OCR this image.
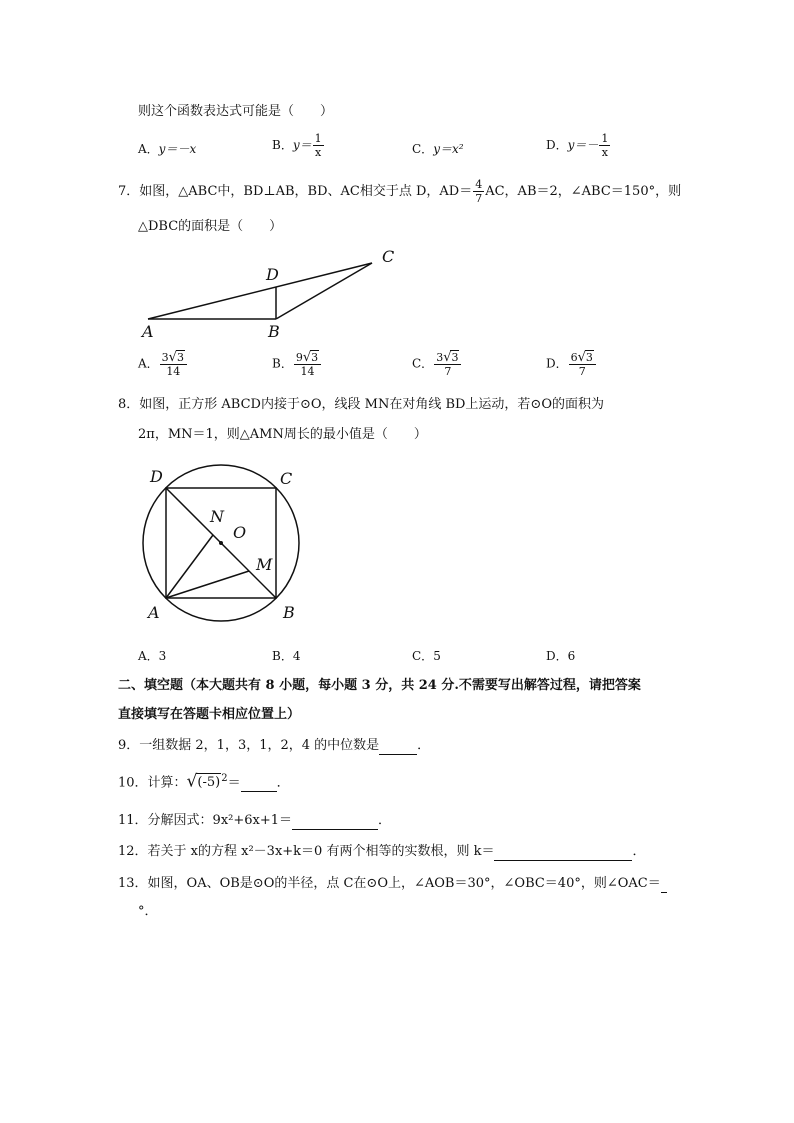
则这个函数表达式可能是（　　）
A．y＝－x	B．$y= \frac{1}{x}$	C．y＝x²	D．$y=- \frac{1}{x}$
7．如图，△ABC中，BD⊥AB，BD、AC相交于点 D，$AD= \frac{4}{7}$ AC，AB＝2，∠ABC＝150°，则
△DBC的面积是（　　）
A	B
D
C
A． $\frac{3√3}{14}$	B． $\frac{9√3}{14}$	C． $\frac{3√3}{7}$	D． $\frac{6√3}{7}$
8．如图，正方形 ABCD内接于⊙O，线段 MN在对角线 BD上运动，若⊙O的面积为
2π，MN＝1，则△AMN周长的最小值是（　　）
D	C
A	B
N
O
M
A．3	B．4	C．5	D．6
二、填空题（本大题共有 8 小题，每小题 3 分，共 24 分.不需要写出解答过程，请把答案
直接填写在答题卡相应位置上）
9．一组数据 2，1，3，1，2，4 的中位数是	．
10．计算：$√(-5)^2=$	．
11．分解因式：9x²+6x+1＝	．
12．若关于 x的方程 x²－3x+k＝0 有两个相等的实数根，则 k＝	．
13．如图，OA、OB是⊙O的半径，点 C在⊙O上，∠AOB＝30°，∠OBC＝40°，则∠OAC＝
°．
